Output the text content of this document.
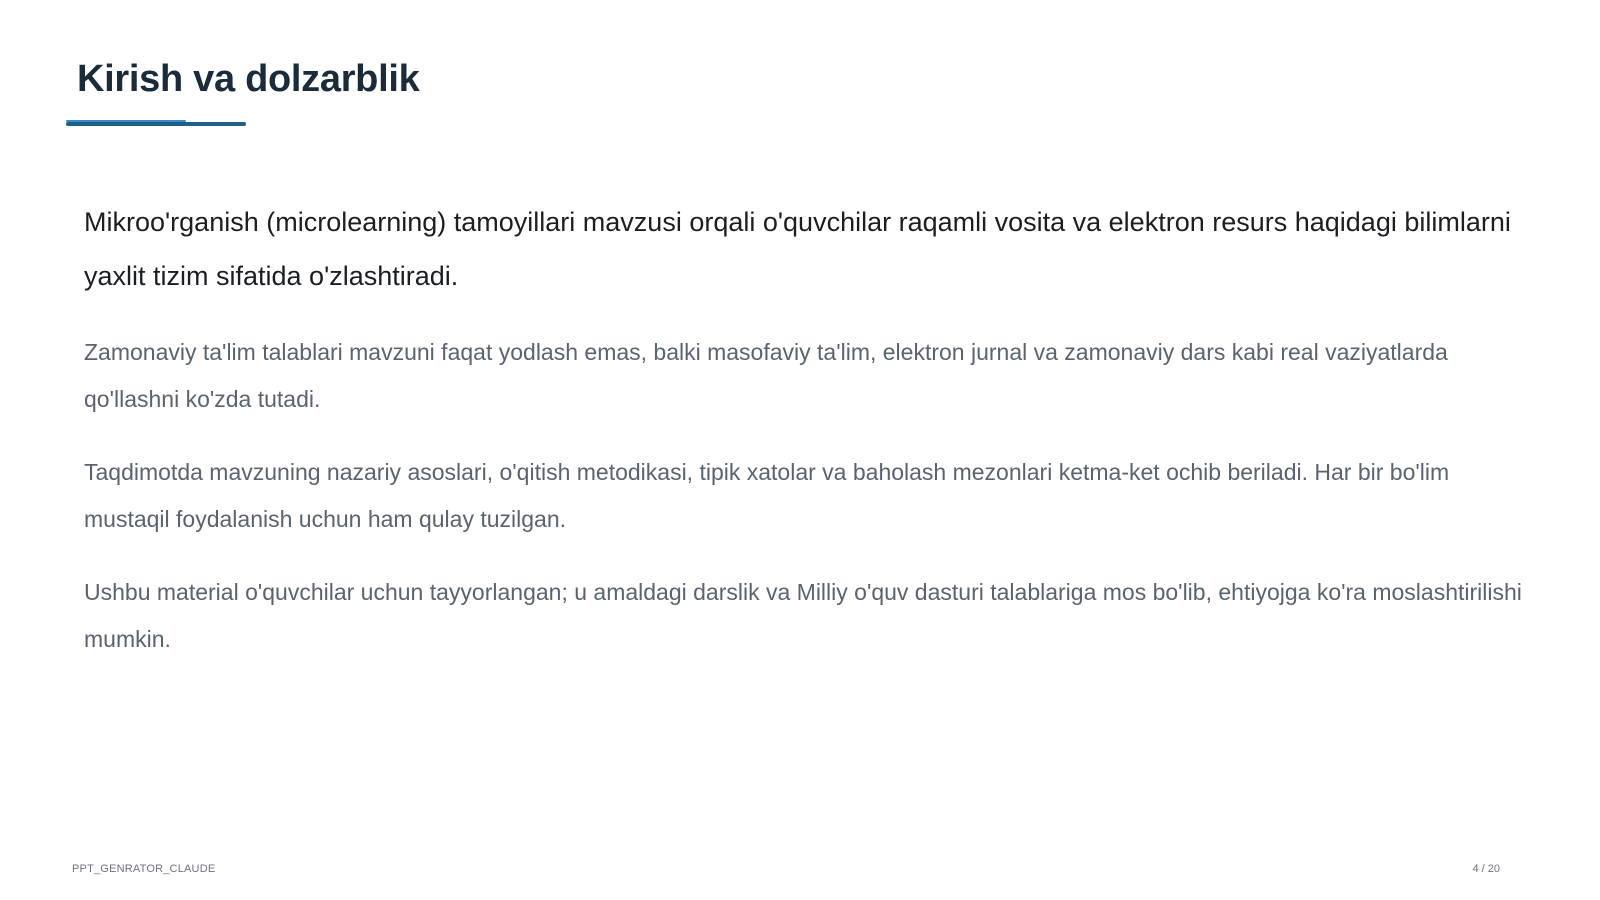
Kirish va dolzarblik

Mikroo'rganish (microlearning) tamoyillari mavzusi orqali o'quvchilar raqamli vosita va elektron resurs haqidagi bilimlarni yaxlit tizim sifatida o'zlashtiradi.

Zamonaviy ta'lim talablari mavzuni faqat yodlash emas, balki masofaviy ta'lim, elektron jurnal va zamonaviy dars kabi real vaziyatlarda qo'llashni ko'zda tutadi.

Taqdimotda mavzuning nazariy asoslari, o'qitish metodikasi, tipik xatolar va baholash mezonlari ketma-ket ochib beriladi. Har bir bo'lim mustaqil foydalanish uchun ham qulay tuzilgan.

Ushbu material o'quvchilar uchun tayyorlangan; u amaldagi darslik va Milliy o'quv dasturi talablariga mos bo'lib, ehtiyojga ko'ra moslashtirilishi mumkin.

PPT_GENRATOR_CLAUDE	4 / 20
